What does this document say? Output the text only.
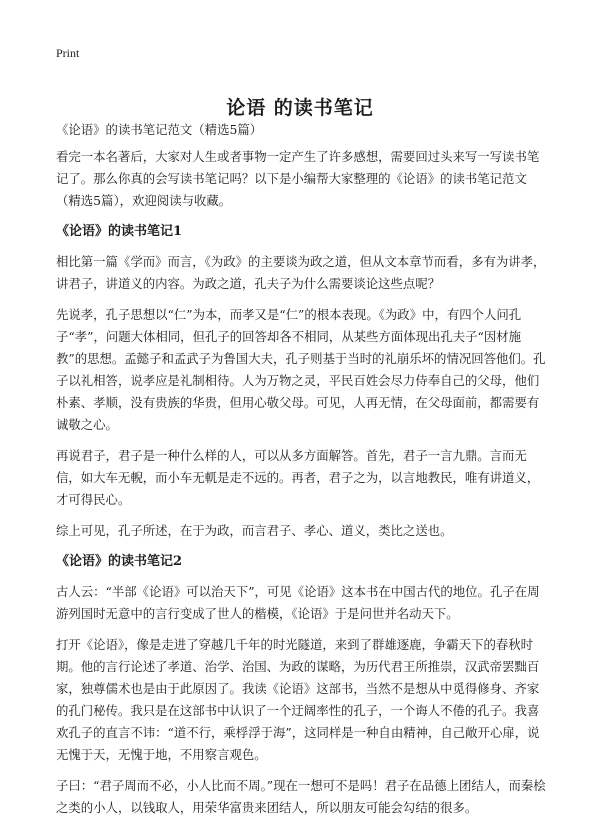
Print
论语 的读书笔记

《论语》的读书笔记范文（精选5篇）

看完一本名著后，大家对人生或者事物一定产生了许多感想，需要回过头来写一写读书笔记了。那么你真的会写读书笔记吗？以下是小编帮大家整理的《论语》的读书笔记范文（精选5篇），欢迎阅读与收藏。

《论语》的读书笔记1

相比第一篇《学而》而言，《为政》的主要谈为政之道，但从文本章节而看，多有为讲孝，讲君子，讲道义的内容。为政之道，孔夫子为什么需要谈论这些点呢？

先说孝，孔子思想以“仁”为本，而孝又是“仁”的根本表现。《为政》中，有四个人问孔子“孝”，问题大体相同，但孔子的回答却各不相同，从某些方面体现出孔夫子“因材施教”的思想。孟懿子和孟武子为鲁国大夫，孔子则基于当时的礼崩乐坏的情况回答他们。孔子以礼相答，说孝应是礼制相待。人为万物之灵，平民百姓会尽力侍奉自己的父母，他们朴素、孝顺，没有贵族的华贵，但用心敬父母。可见，人再无情，在父母面前，都需要有诚敬之心。

再说君子，君子是一种什么样的人，可以从多方面解答。首先，君子一言九鼎。言而无信，如大车无輗，而小车无軏是走不远的。再者，君子之为，以言地教民，唯有讲道义，才可得民心。

综上可见，孔子所述，在于为政，而言君子、孝心、道义，类比之送也。

《论语》的读书笔记2

古人云：“半部《论语》可以治天下”，可见《论语》这本书在中国古代的地位。孔子在周游列国时无意中的言行变成了世人的楷模，《论语》于是问世并名动天下。

打开《论语》，像是走进了穿越几千年的时光隧道，来到了群雄逐鹿，争霸天下的春秋时期。他的言行论述了孝道、治学、治国、为政的谋略，为历代君王所推崇，汉武帝罢黜百家，独尊儒术也是由于此原因了。我读《论语》这部书，当然不是想从中觅得修身、齐家的孔门秘传。我只是在这部书中认识了一个迂阔率性的孔子，一个诲人不倦的孔子。我喜欢孔子的直言不讳：“道不行，乘桴浮于海”，这同样是一种自由精神，自己敞开心扉，说无愧于天，无愧于地，不用察言观色。

子曰：“君子周而不必，小人比而不周。”现在一想可不是吗！君子在品德上团结人，而秦桧之类的小人，以钱取人，用荣华富贵来团结人，所以朋友可能会勾结的很多。
